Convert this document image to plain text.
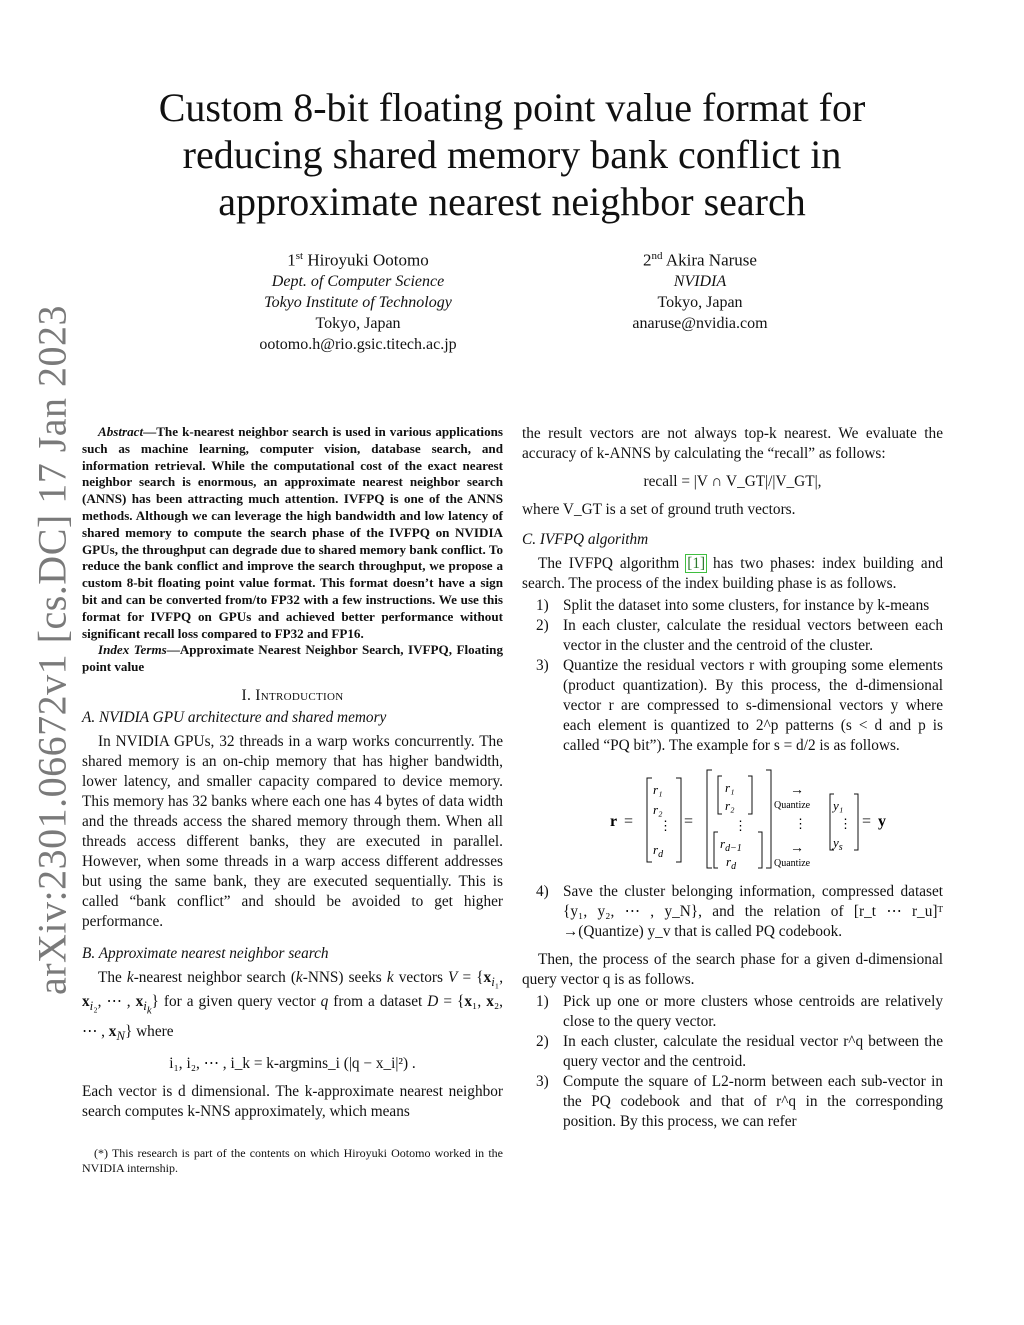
arXiv:2301.06672v1 [cs.DC] 17 Jan 2023
Custom 8-bit floating point value format for
reducing shared memory bank conflict in
approximate nearest neighbor search
1st Hiroyuki Ootomo
Dept. of Computer Science
Tokyo Institute of Technology
Tokyo, Japan
ootomo.h@rio.gsic.titech.ac.jp
2nd Akira Naruse
NVIDIA
Tokyo, Japan
anaruse@nvidia.com

Abstract—The k-nearest neighbor search is used in various applications such as machine learning, computer vision, database search, and information retrieval. While the computational cost of the exact nearest neighbor search is enormous, an approximate nearest neighbor search (ANNS) has been attracting much attention. IVFPQ is one of the ANNS methods. Although we can leverage the high bandwidth and low latency of shared memory to compute the search phase of the IVFPQ on NVIDIA GPUs, the throughput can degrade due to shared memory bank conflict. To reduce the bank conflict and improve the search throughput, we propose a custom 8-bit floating point value format. This format doesn’t have a sign bit and can be converted from/to FP32 with a few instructions. We use this format for IVFPQ on GPUs and achieved better performance without significant recall loss compared to FP32 and FP16.

Index Terms—Approximate Nearest Neighbor Search, IVFPQ, Floating point value

I. Introduction
A. NVIDIA GPU architecture and shared memory

In NVIDIA GPUs, 32 threads in a warp works concurrently. The shared memory is an on-chip memory that has higher bandwidth, lower latency, and smaller capacity compared to device memory. This memory has 32 banks where each one has 4 bytes of data width and the threads access the shared memory through them. When all threads access different banks, they are executed in parallel. However, when some threads in a warp access different addresses but using the same bank, they are executed sequentially. This is called “bank conflict” and should be avoided to get higher performance.

B. Approximate nearest neighbor search

The k-nearest neighbor search (k-NNS) seeks k vectors $V = \{x_{i_1}$, $x_{i_2}$, ⋯ , $x_{i_k}$} for a given query vector q from a dataset D = {x₁, x₂, ⋯ , $x_N$} where

i₁, i₂, ⋯ , i_k = k-argmins_i (|q − x_i|²) .

Each vector is d dimensional. The k-approximate nearest neighbor search computes k-NNS approximately, which means

(*) This research is part of the contents on which Hiroyuki Ootomo worked in the NVIDIA internship.

the result vectors are not always top-k nearest. We evaluate the accuracy of k-ANNS by calculating the “recall” as follows:

recall = |V ∩ V_GT|/|V_GT|,

where V_GT is a set of ground truth vectors.

C. IVFPQ algorithm

The IVFPQ algorithm [1] has two phases: index building and search. The process of the index building phase is as follows.

1) Split the dataset into some clusters, for instance by k-means
2) In each cluster, calculate the residual vectors between each vector in the cluster and the centroid of the cluster.
3) Quantize the residual vectors r with grouping some elements (product quantization). By this process, the d-dimensional vector r are compressed to s-dimensional vectors y where each element is quantized to 2^p patterns (s < d and p is called “PQ bit”). The example for s = d/2 is as follows.
r =
r₁
r₂
⋮
$r_d$
=
r₁
r₂
⋮
$r_{d-1}$
$r_d$
→
Quantize
⋮
→
Quantize
y₁
⋮
$y_s$
= y
4) Save the cluster belonging information, compressed dataset {y₁, y₂, ⋯ , y_N}, and the relation of [r_t ⋯ r_u]ᵀ →(Quantize) y_v that is called PQ codebook.

Then, the process of the search phase for a given d-dimensional query vector q is as follows.

1) Pick up one or more clusters whose centroids are relatively close to the query vector.
2) In each cluster, calculate the residual vector r^q between the query vector and the centroid.
3) Compute the square of L2-norm between each sub-vector in the PQ codebook and that of r^q in the corresponding position. By this process, we can refer
